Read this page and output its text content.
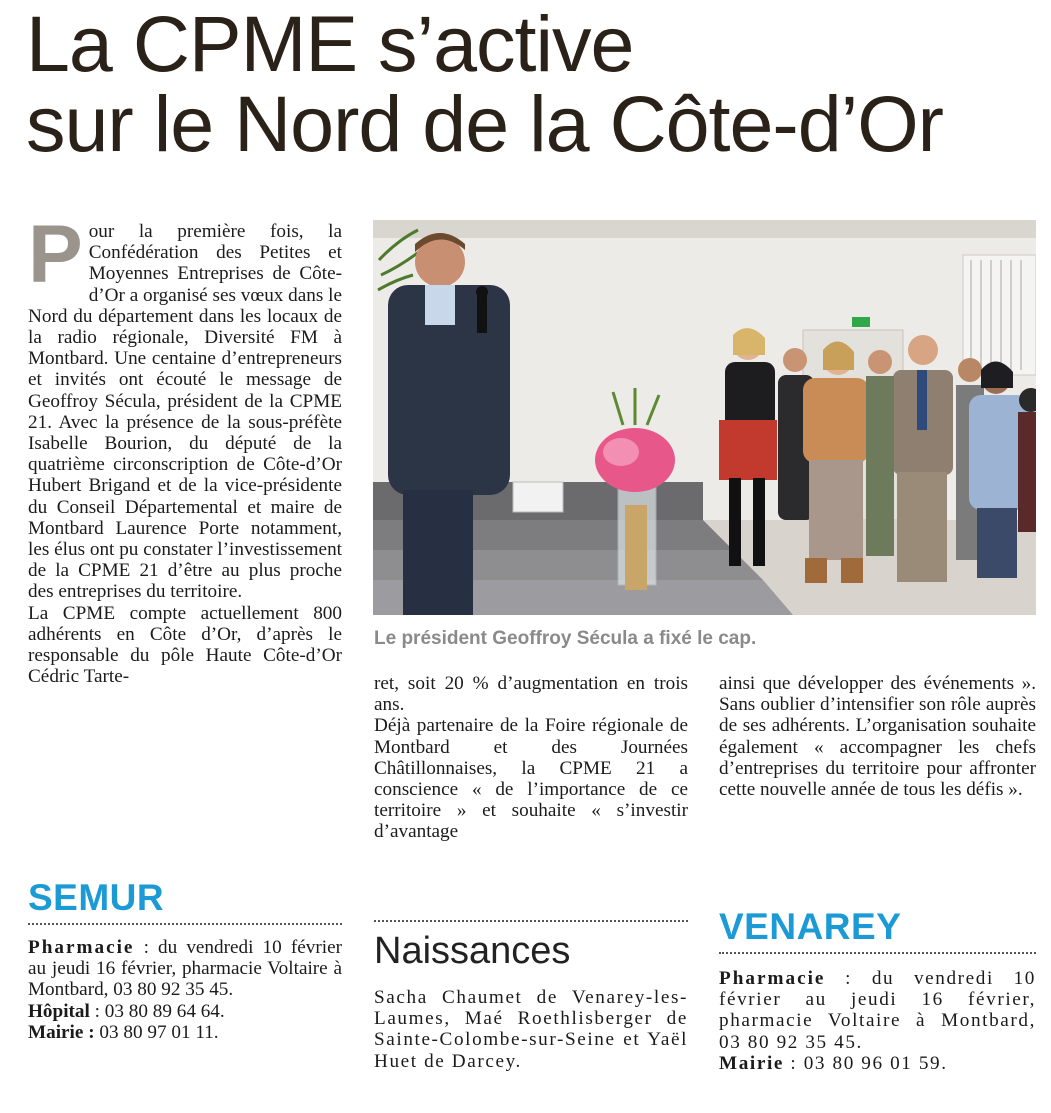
La CPME s’active
sur le Nord de la Côte-d’Or
Pour la première fois, la Confédération des Petites et Moyennes Entreprises de Côte-d’Or a organisé ses vœux dans le Nord du département dans les locaux de la radio régionale, Diversité FM à Montbard. Une centaine d’entrepreneurs et invités ont écouté le message de Geoffroy Sécula, président de la CPME 21. Avec la présence de la sous-préfète Isabelle Bourion, du député de la quatrième circonscription de Côte-d’Or Hubert Brigand et de la vice-présidente du Conseil Départemental et maire de Montbard Laurence Porte notamment, les élus ont pu constater l’investissement de la CPME 21 d’être au plus proche des entreprises du territoire.
La CPME compte actuellement 800 adhérents en Côte d’Or, d’après le responsable du pôle Haute Côte-d’Or Cédric Tarte-
Le président Geoffroy Sécula a fixé le cap.
ret, soit 20 % d’augmentation en trois ans.
Déjà partenaire de la Foire régionale de Montbard et des Journées Châtillonnaises, la CPME 21 a conscience « de l’importance de ce territoire » et souhaite « s’investir d’avantage
ainsi que développer des événements ». Sans oublier d’intensifier son rôle auprès de ses adhérents. L’organisation souhaite également « accompagner les chefs d’entreprises du territoire pour affronter cette nouvelle année de tous les défis ».
SEMUR
Pharmacie : du vendredi 10 février au jeudi 16 février, pharmacie Voltaire à Montbard, 03 80 92 35 45.
Hôpital : 03 80 89 64 64.
Mairie : 03 80 97 01 11.
Naissances
Sacha Chaumet de Venarey-les-Laumes, Maé Roethlisberger de Sainte-Colombe-sur-Seine et Yaël Huet de Darcey.
VENAREY
Pharmacie : du vendredi 10 février au jeudi 16 février, pharmacie Voltaire à Montbard, 03 80 92 35 45.
Mairie : 03 80 96 01 59.
